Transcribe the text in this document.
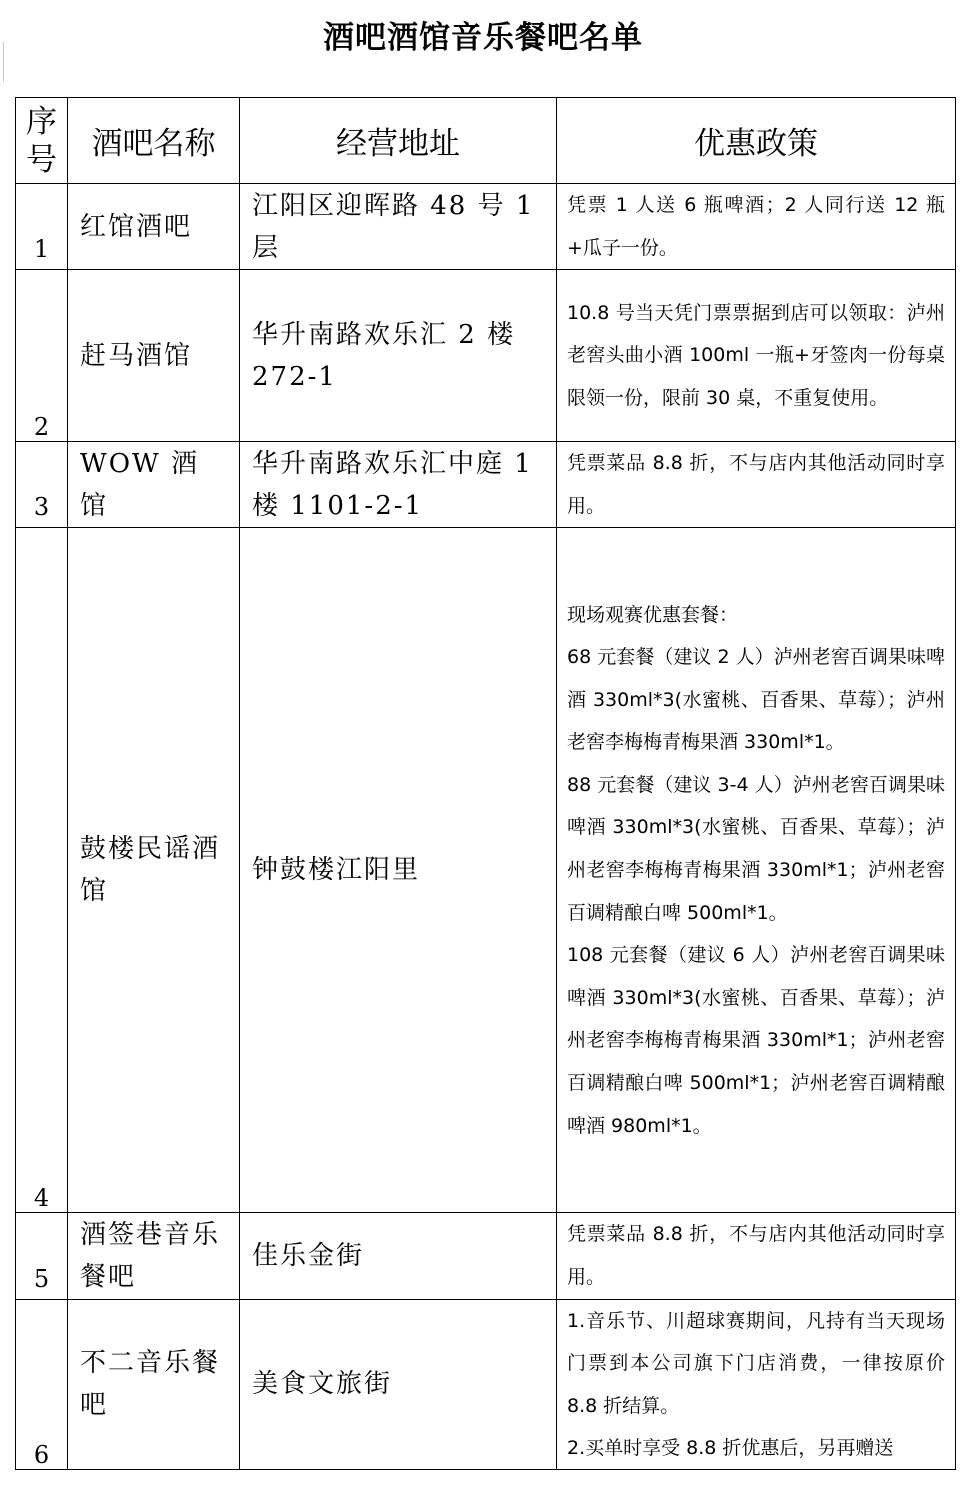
酒吧酒馆音乐餐吧名单
序
号	酒吧名称	经营地址	优惠政策

1	红馆酒吧	江阳区迎晖路 48 号 1 层	凭票 1 人送 6 瓶啤酒；2 人同行送 12 瓶+瓜子一份。

2	赶马酒馆	华升南路欢乐汇 2 楼 272-1	10.8 号当天凭门票票据到店可以领取：泸州老窖头曲小酒 100ml 一瓶+牙签肉一份每桌限领一份，限前 30 桌，不重复使用。

3	WOW 酒馆	华升南路欢乐汇中庭 1 楼 1101-2-1	凭票菜品 8.8 折，不与店内其他活动同时享用。

4	鼓楼民谣酒馆	钟鼓楼江阳里	现场观赛优惠套餐：

68 元套餐（建议 2 人）泸州老窖百调果味啤酒 330ml*3(水蜜桃、百香果、草莓）；泸州老窖李梅梅青梅果酒 330ml*1。

88 元套餐（建议 3-4 人）泸州老窖百调果味啤酒 330ml*3(水蜜桃、百香果、草莓）；泸州老窖李梅梅青梅果酒 330ml*1；泸州老窖百调精酿白啤 500ml*1。

108 元套餐（建议 6 人）泸州老窖百调果味啤酒 330ml*3(水蜜桃、百香果、草莓）；泸州老窖李梅梅青梅果酒 330ml*1；泸州老窖百调精酿白啤 500ml*1；泸州老窖百调精酿啤酒 980ml*1。

5	酒签巷音乐餐吧	佳乐金街	凭票菜品 8.8 折，不与店内其他活动同时享用。

6	不二音乐餐吧	美食文旅街	1.音乐节、川超球赛期间，凡持有当天现场门票到本公司旗下门店消费，一律按原价 8.8 折结算。

2.买单时享受 8.8 折优惠后，另再赠送
